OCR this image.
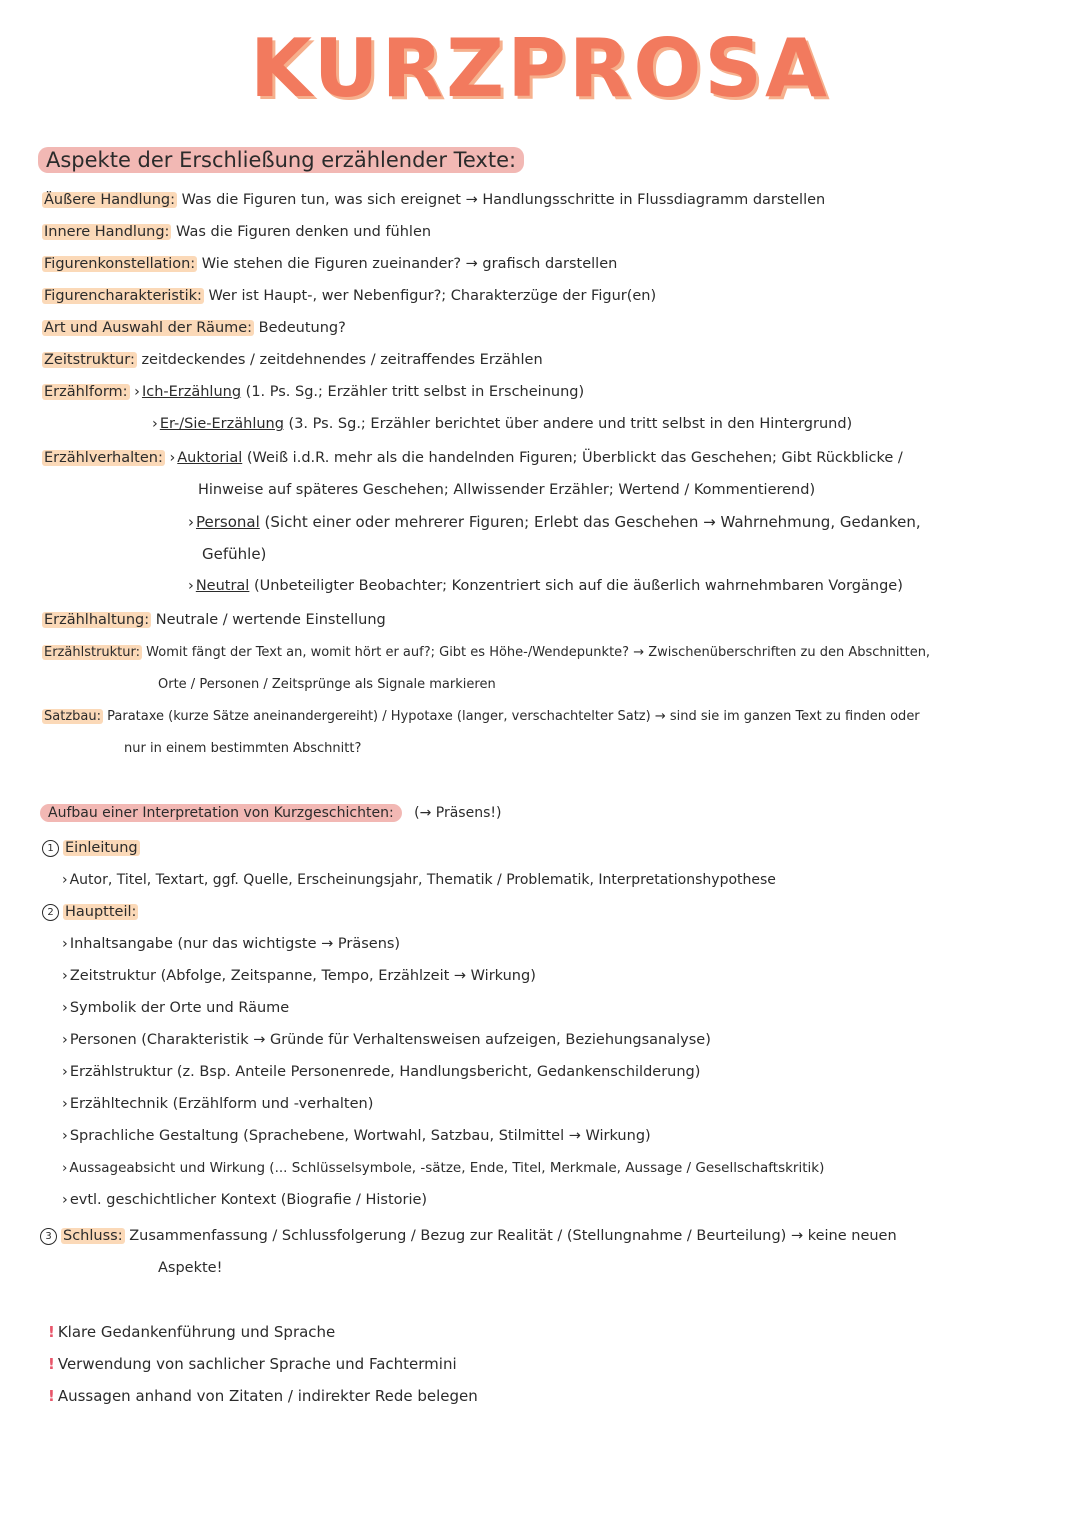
KURZPROSA
Aspekte der Erschließung erzählender Texte:
Äußere Handlung: Was die Figuren tun, was sich ereignet → Handlungsschritte in Flussdiagramm darstellen
Innere Handlung: Was die Figuren denken und fühlen
Figurenkonstellation: Wie stehen die Figuren zueinander? → grafisch darstellen
Figurencharakteristik: Wer ist Haupt-, wer Nebenfigur?; Charakterzüge der Figur(en)
Art und Auswahl der Räume: Bedeutung?
Zeitstruktur: zeitdeckendes / zeitdehnendes / zeitraffendes Erzählen
Erzählform: › Ich-Erzählung (1. Ps. Sg.; Erzähler tritt selbst in Erscheinung)
› Er-/Sie-Erzählung (3. Ps. Sg.; Erzähler berichtet über andere und tritt selbst in den Hintergrund)
Erzählverhalten: › Auktorial (Weiß i.d.R. mehr als die handelnden Figuren; Überblickt das Geschehen; Gibt Rückblicke /
Hinweise auf späteres Geschehen; Allwissender Erzähler; Wertend / Kommentierend)
› Personal (Sicht einer oder mehrerer Figuren; Erlebt das Geschehen → Wahrnehmung, Gedanken,
Gefühle)
› Neutral (Unbeteiligter Beobachter; Konzentriert sich auf die äußerlich wahrnehmbaren Vorgänge)
Erzählhaltung: Neutrale / wertende Einstellung
Erzählstruktur: Womit fängt der Text an, womit hört er auf?; Gibt es Höhe-/Wendepunkte? → Zwischenüberschriften zu den Abschnitten,
Orte / Personen / Zeitsprünge als Signale markieren
Satzbau: Parataxe (kurze Sätze aneinandergereiht) / Hypotaxe (langer, verschachtelter Satz) → sind sie im ganzen Text zu finden oder
nur in einem bestimmten Abschnitt?
Aufbau einer Interpretation von Kurzgeschichten: (→ Präsens!)
1 Einleitung
› Autor, Titel, Textart, ggf. Quelle, Erscheinungsjahr, Thematik / Problematik, Interpretationshypothese
2 Hauptteil:
› Inhaltsangabe (nur das wichtigste → Präsens)
› Zeitstruktur (Abfolge, Zeitspanne, Tempo, Erzählzeit → Wirkung)
› Symbolik der Orte und Räume
› Personen (Charakteristik → Gründe für Verhaltensweisen aufzeigen, Beziehungsanalyse)
› Erzählstruktur (z. Bsp. Anteile Personenrede, Handlungsbericht, Gedankenschilderung)
› Erzähltechnik (Erzählform und -verhalten)
› Sprachliche Gestaltung (Sprachebene, Wortwahl, Satzbau, Stilmittel → Wirkung)
› Aussageabsicht und Wirkung (... Schlüsselsymbole, -sätze, Ende, Titel, Merkmale, Aussage / Gesellschaftskritik)
› evtl. geschichtlicher Kontext (Biografie / Historie)
3 Schluss: Zusammenfassung / Schlussfolgerung / Bezug zur Realität / (Stellungnahme / Beurteilung) → keine neuen
Aspekte!
! Klare Gedankenführung und Sprache
! Verwendung von sachlicher Sprache und Fachtermini
! Aussagen anhand von Zitaten / indirekter Rede belegen
